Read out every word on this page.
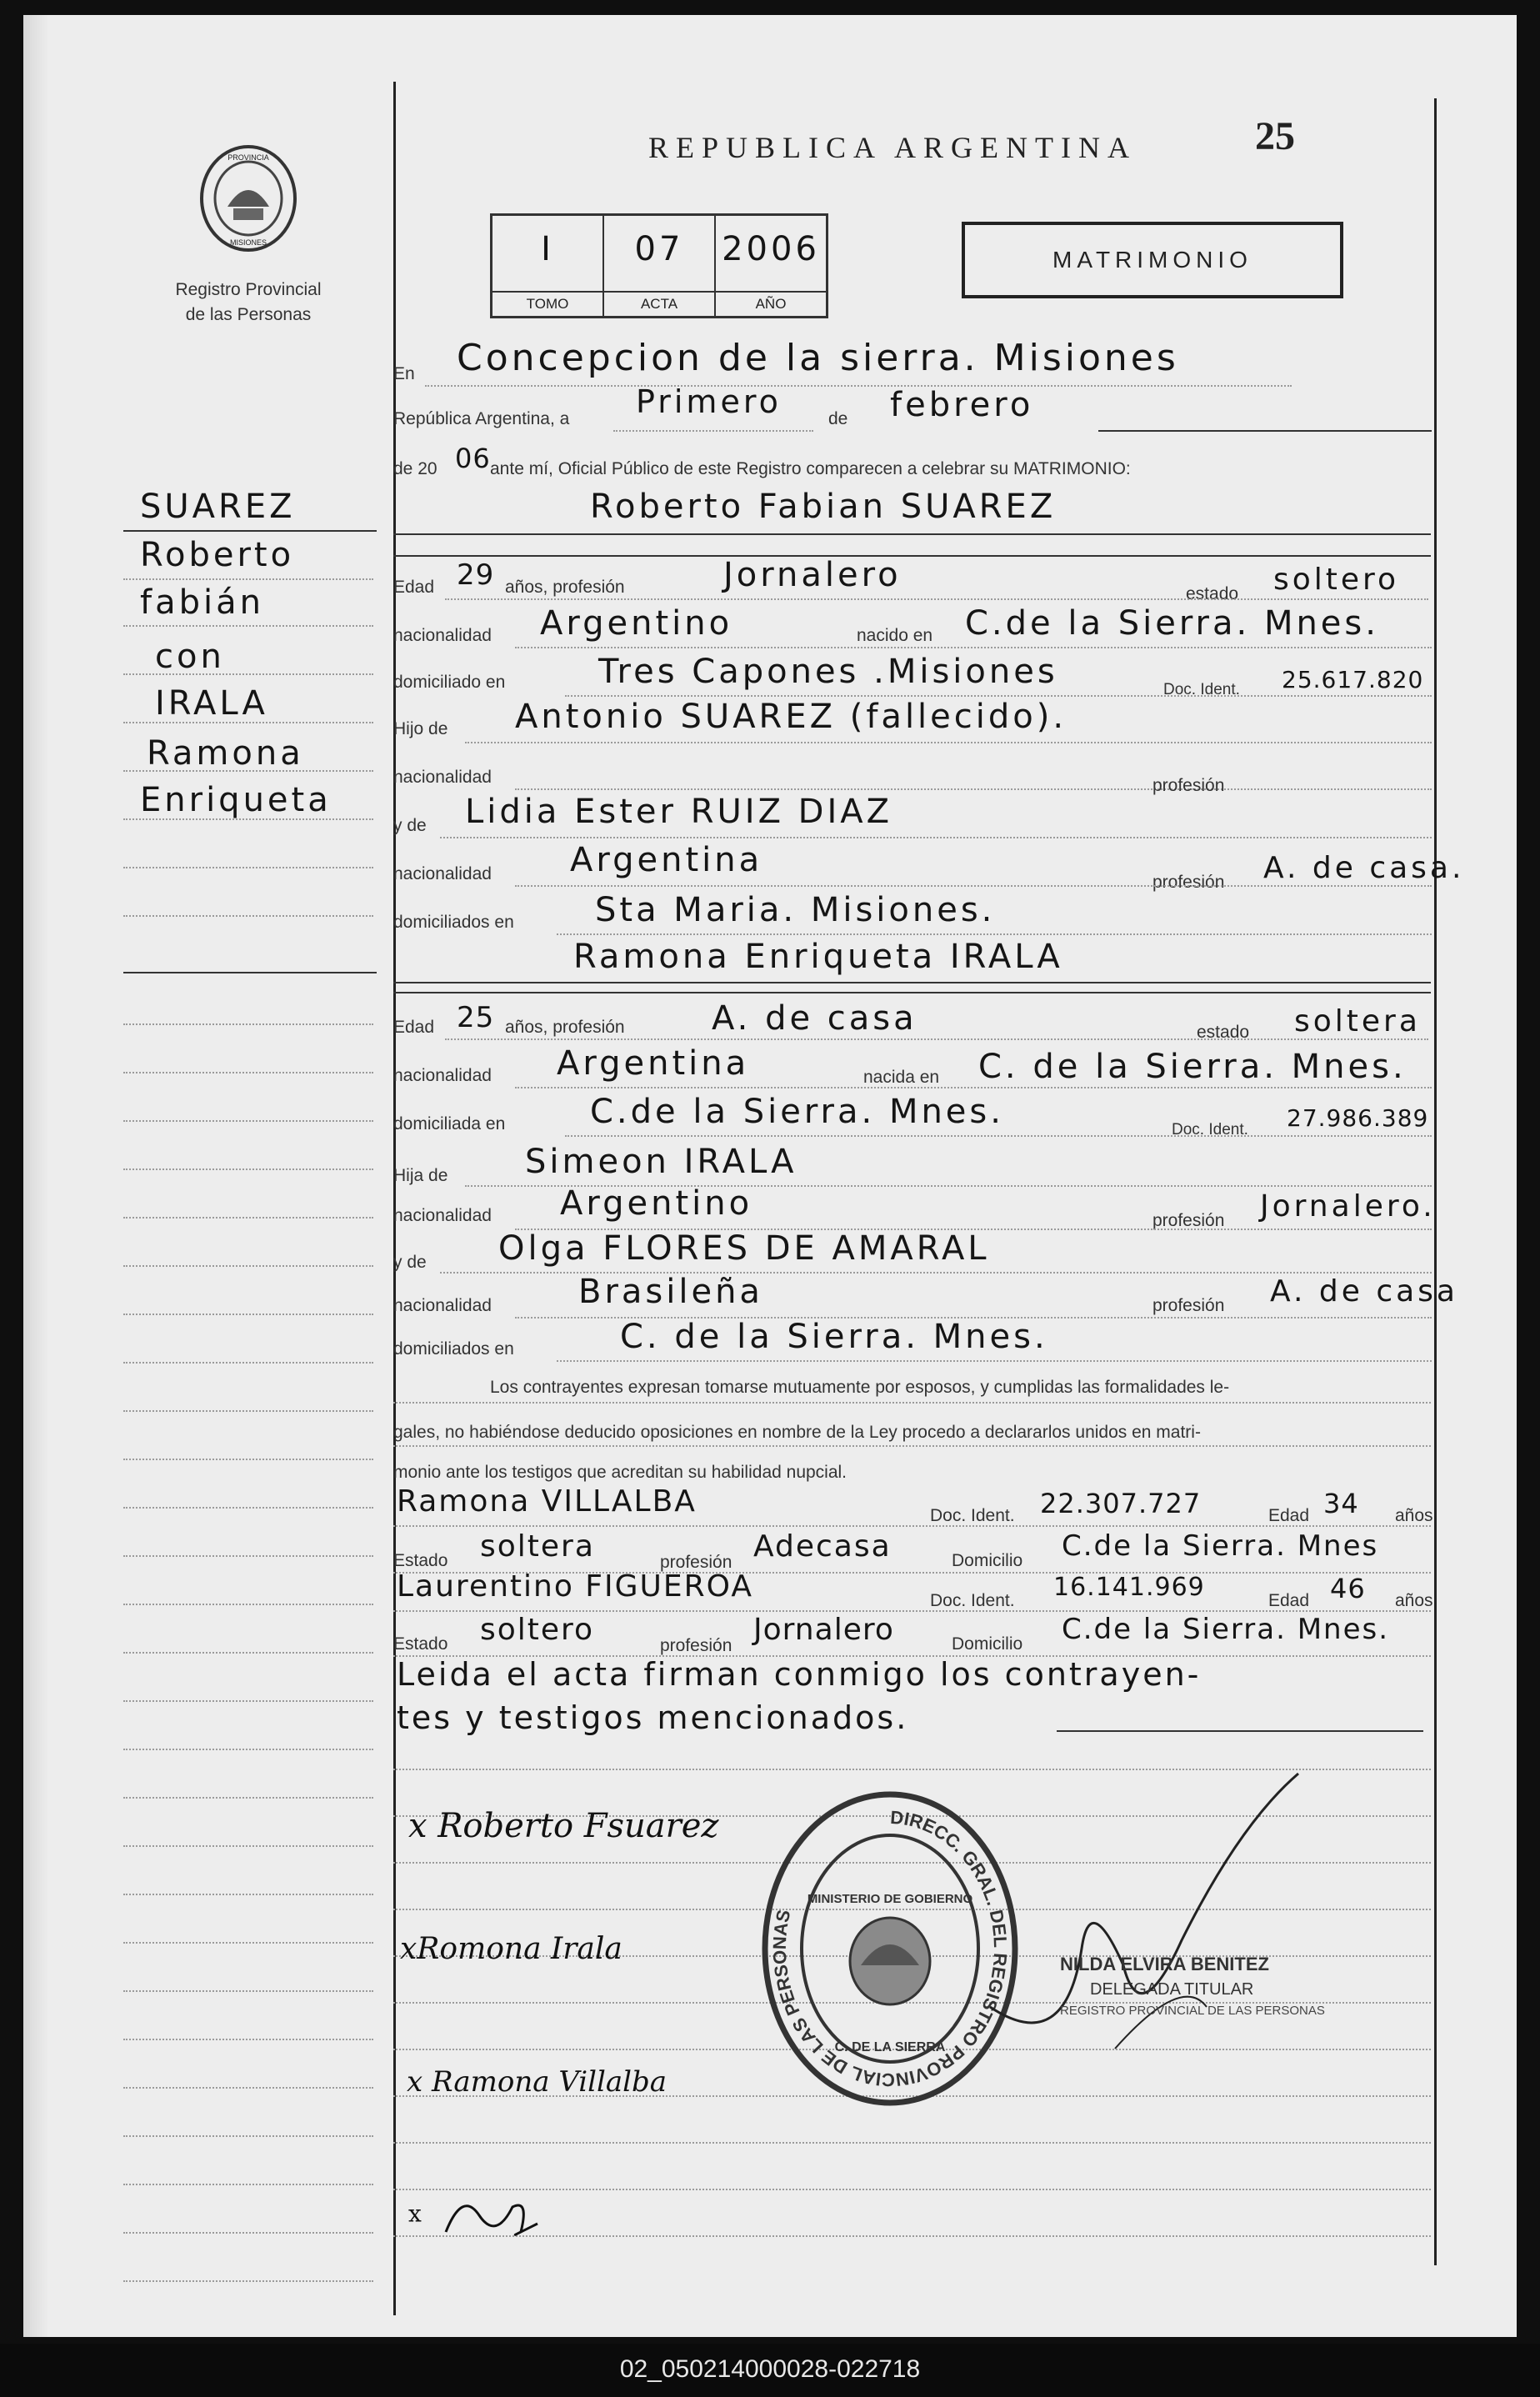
PROVINCIA
MISIONES
Registro Provincial
de las Personas
REPUBLICA ARGENTINA	25
I
TOMO
07
ACTA
2006
AÑO
MATRIMONIO
SUAREZ
Roberto
fabián
con
IRALA
Ramona
Enriqueta
En Concepcion de la sierra. Misiones
República Argentina, a Primero	de febrero
de 20 06 ante mí, Oficial Público de este Registro comparecen a celebrar su MATRIMONIO:
Roberto Fabian SUAREZ
Edad 29 años, profesión	Jornalero	estado soltero
nacionalidad Argentino	nacido en C.de la Sierra. Mnes.
domiciliado en	Tres Capones .Misiones	Doc. Ident. 25.617.820
Hijo de Antonio SUAREZ (fallecido).
nacionalidad	profesión
y de Lidia Ester RUIZ DIAZ
nacionalidad Argentina
profesión A. de casa.
domiciliados en Sta Maria. Misiones.
Ramona Enriqueta IRALA
Edad 25 años, profesión	A. de casa	estado soltera
nacionalidad Argentina	nacida en C. de la Sierra. Mnes.
domiciliada en	C.de la Sierra. Mnes.	Doc. Ident. 27.986.389
Hija de Simeon IRALA
nacionalidad Argentino	profesión Jornalero.
y de Olga FLORES DE AMARAL
nacionalidad	Brasileña	profesión A. de casa
domiciliados en	C. de la Sierra. Mnes.
Los contrayentes expresan tomarse mutuamente por esposos, y cumplidas las formalidades le-
gales, no habiéndose deducido oposiciones en nombre de la Ley procedo a declararlos unidos en matri-
monio ante los testigos que acreditan su habilidad nupcial.
Ramona VILLALBA	Doc. Ident. 22.307.727	Edad 34 años
Estado soltera	profesión Adecasa	Domicilio C.de la Sierra. Mnes
Laurentino FIGUEROA	Doc. Ident. 16.141.969	Edad 46 años
Estado soltero	profesión Jornalero	Domicilio C.de la Sierra. Mnes.
Leida el acta firman conmigo los contrayen-
tes y testigos mencionados.
x Roberto Fsuarez
xRomona Irala
x Ramona Villalba
x
DIRECC. GRAL. DEL REGISTRO PROVINCIAL DE LAS PERSONAS
MINISTERIO DE GOBIERNO
C. DE LA SIERRA
NILDA ELVIRA BENITEZ
DELEGADA TITULAR
REGISTRO PROVINCIAL DE LAS PERSONAS
02_050214000028-022718
